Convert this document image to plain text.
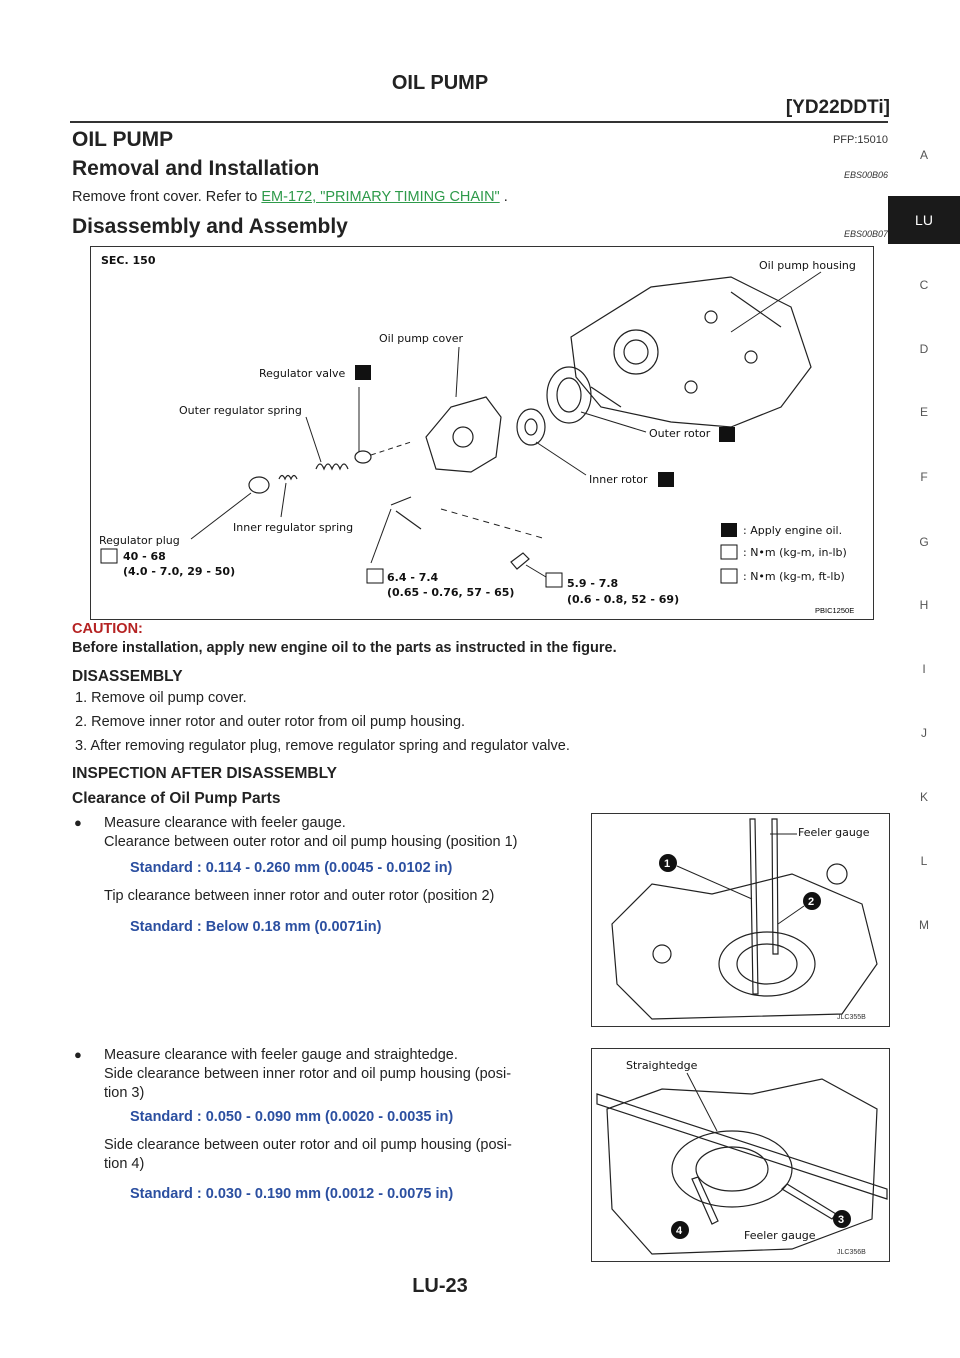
OIL PUMP
[YD22DDTi]
A
LU
C
D
E
F
G
H
I
J
K
L
M
OIL PUMP	PFP:15010
Removal and Installation	EBS00B06
Remove front cover. Refer to EM-172, "PRIMARY TIMING CHAIN" .
Disassembly and Assembly	EBS00B07
SEC. 150	Oil pump housing
Outer rotor
Inner rotor
Oil pump cover
Regulator valve
Outer regulator spring
Inner regulator spring
Regulator plug
40 - 68
(4.0 - 7.0, 29 - 50)	6.4 - 7.4
(0.65 - 0.76, 57 - 65)
5.9 - 7.8
(0.6 - 0.8, 52 - 69)
: Apply engine oil.
: N•m (kg-m, in-lb)
: N•m (kg-m, ft-lb)
PBIC1250E
CAUTION:
Before installation, apply new engine oil to the parts as instructed in the figure.
DISASSEMBLY
1. Remove oil pump cover.
2. Remove inner rotor and outer rotor from oil pump housing.
3. After removing regulator plug, remove regulator spring and regulator valve.
INSPECTION AFTER DISASSEMBLY
Clearance of Oil Pump Parts
● Measure clearance with feeler gauge.
Clearance between outer rotor and oil pump housing (position 1)
Standard : 0.114 - 0.260 mm (0.0045 - 0.0102 in)
Tip clearance between inner rotor and outer rotor (position 2)
Standard : Below 0.18 mm (0.0071in)
● Measure clearance with feeler gauge and straightedge.
Side clearance between inner rotor and oil pump housing (posi-
tion 3)
Standard : 0.050 - 0.090 mm (0.0020 - 0.0035 in)
Side clearance between outer rotor and oil pump housing (posi-
tion 4)
Standard : 0.030 - 0.190 mm (0.0012 - 0.0075 in)
Feeler gauge
1
2
JLC355B
Straightedge
Feeler gauge
3
4
JLC356B
LU-23
